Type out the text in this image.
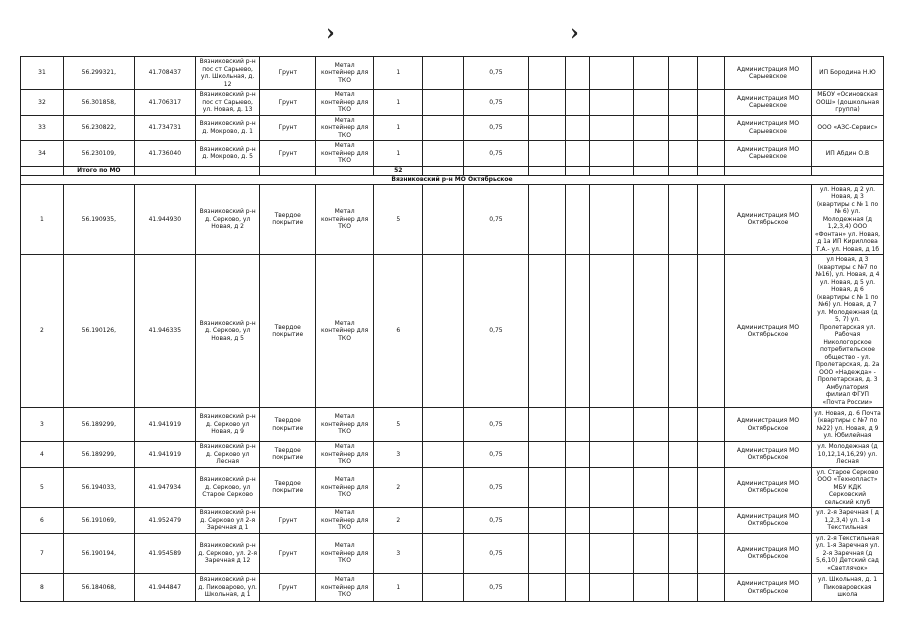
›	›
31	56.299321,	41.708437	Вязниковский р-н пос ст Сарыево, ул. Школьная, д. 12	Грунт	Метал контейнер для ТКО	1		0,75							Администрация МО Сарыевское	ИП Бородина Н.Ю
32	56.301858,	41.706317	Вязниковский р-н пос ст Сарыево, ул. Новая, д. 13	Грунт	Метал контейнер для ТКО	1		0,75							Администрация МО Сарыевское	МБОУ «Осиновская ООШ» (дошкольная группа)
33	56.230822,	41.734731	Вязниковский р-н д. Мокрово, д. 1	Грунт	Метал контейнер для ТКО	1		0,75							Администрация МО Сарыевское	ООО «АЗС-Сервис»
34	56.230109,	41.736040	Вязниковский р-н д. Мокрово, д. 5	Грунт	Метал контейнер для ТКО	1		0,75							Администрация МО Сарыевское	ИП Абдин О.В
	Итого по МО					52										
Вязниковский р-н МО Октябрьское																
1	56.190935,	41.944930	Вязниковский р-н д. Серково, ул Новая, д 2	Твердое покрытие	Метал контейнер для ТКО	5		0,75							Администрация МО Октябрьское	ул. Новая, д 2 ул. Новая, д 3 (квартиры с № 1 по № 6) ул. Молодежная (д 1,2,3,4) ООО «Фонтан» ул. Новая, д 1а ИП Кириллова Т.А.- ул. Новая, д 1б
2	56.190126,	41.946335	Вязниковский р-н д. Серково, ул Новая, д 5	Твердое покрытие	Метал контейнер для ТКО	6		0,75							Администрация МО Октябрьское	ул Новая, д 3 (квартиры с №7 по №16), ул. Новая, д 4 ул. Новая, д 5 ул. Новая, д 6 (квартиры с № 1 по №6) ул. Новая, д 7 ул. Молодежная (д 5, 7) ул. Пролетарская ул. Рабочая Никологорское потребительское общество - ул. Пролетарская, д. 2а ООО «Надежда» - Пролетарская, д. 3 Амбулатория филиал ФГУП «Почта России»
3	56.189299,	41.941919	Вязниковский р-н д. Серково ул Новая, д 9	Твердое покрытие	Метал контейнер для ТКО	5		0,75							Администрация МО Октябрьское	ул. Новая, д. 6 Почта (квартиры с №7 по №22) ул. Новая, д 9 ул. Юбилейная
4	56.189299,	41.941919	Вязниковский р-н д. Серково ул Лесная	Твердое покрытие	Метал контейнер для ТКО	3		0,75							Администрация МО Октябрьское	ул. Молодежная (д 10,12,14,16,29) ул. Лесная
5	56.194033,	41.947934	Вязниковский р-н д. Серково, ул Старое Серково	Твердое покрытие	Метал контейнер для ТКО	2		0,75							Администрация МО Октябрьское	ул. Старое Серково ООО «Технопласт» МБУ КДК Серковский сельский клуб
6	56.191069,	41.952479	Вязниковский р-н д. Серково ул 2-я Заречная д 1	Грунт	Метал контейнер для ТКО	2		0,75							Администрация МО Октябрьское	ул. 2-я Заречная ( д 1,2,3,4) ул. 1-я Текстильная
7	56.190194,	41.954589	Вязниковский р-н д. Серково, ул. 2-я Заречная д 12	Грунт	Метал контейнер для ТКО	3		0,75							Администрация МО Октябрьское	ул. 2-я Текстильная ул. 1-я Заречная ул. 2-я Заречная (д 5,6,10) Детский сад «Светлячок»
8	56.184068,	41.944847	Вязниковский р-н д. Пиковарово, ул. Школьная, д 1	Грунт	Метал контейнер для ТКО	1		0,75							Администрация МО Октябрьское	ул. Школьная, д. 1 Пиковаровская школа
